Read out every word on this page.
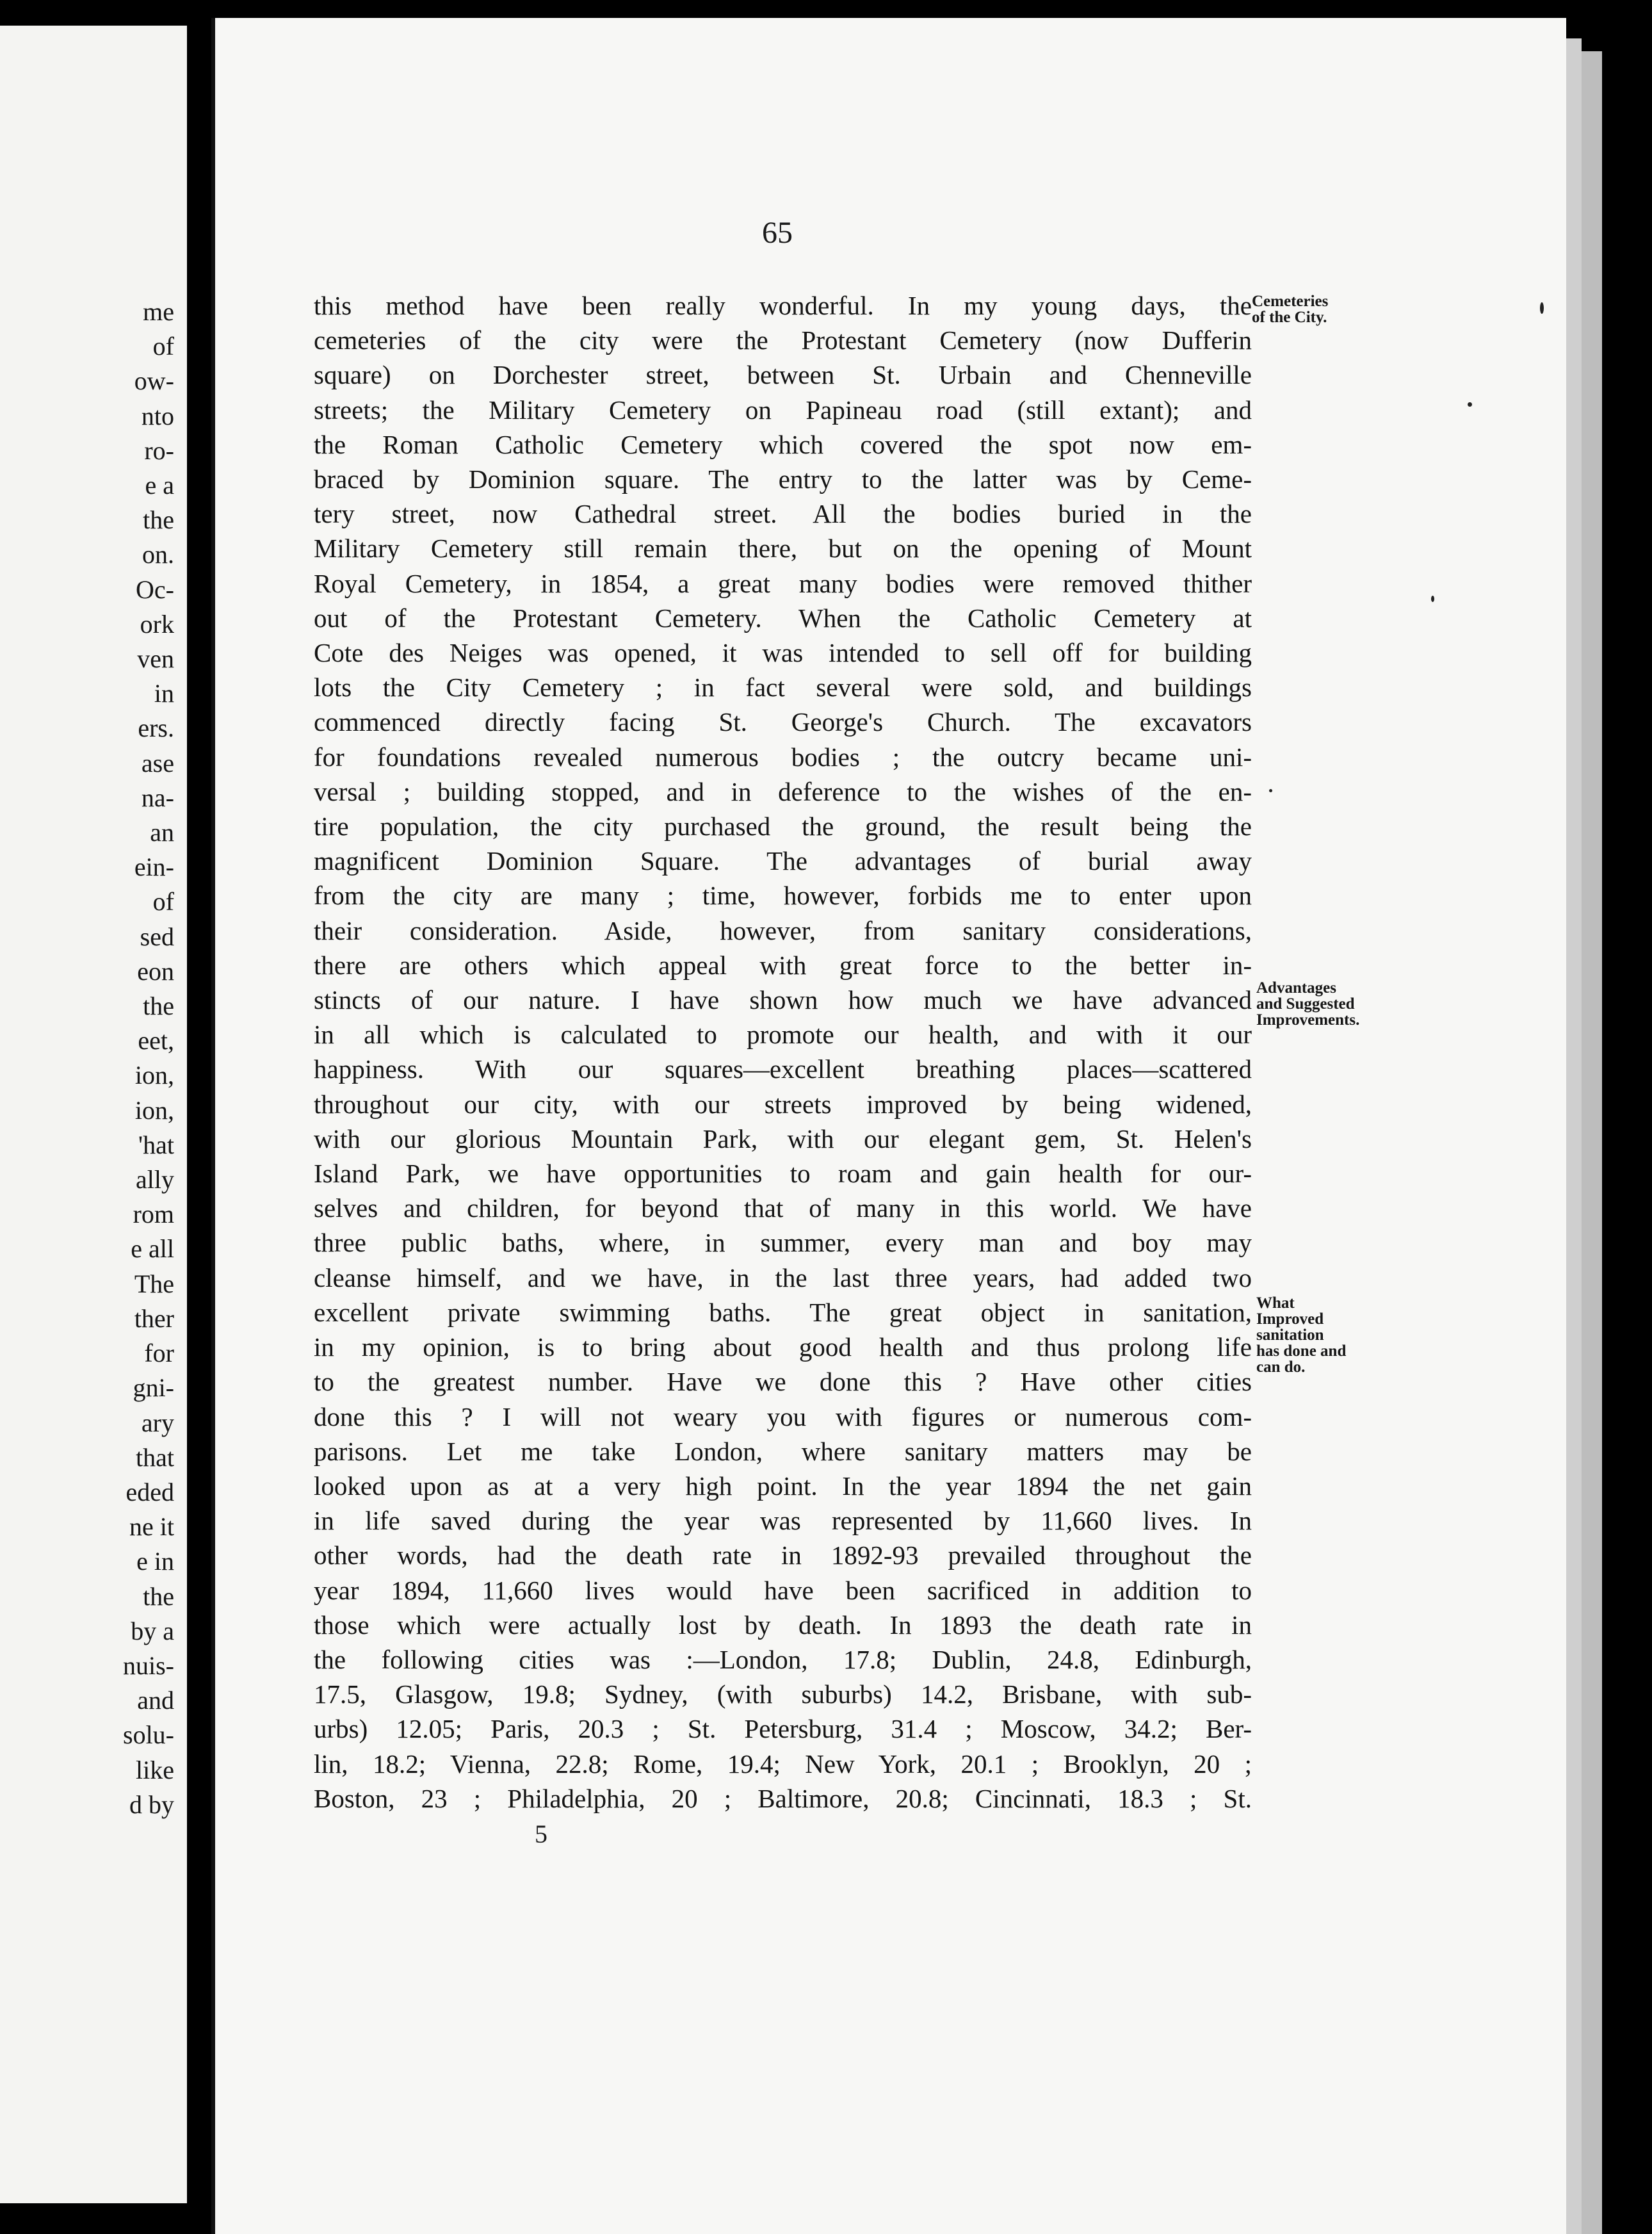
me
of
ow-
nto
ro-
e a
the
on.
Oc-
ork
ven
in
ers.
ase
na-
an
ein-
of
sed
eon
the
eet,
ion,
ion,
'hat
ally
rom
e all
The
ther
for
gni-
ary
that
eded
ne it
e in
the
by a
nuis-
and
solu-
like
d by
65
this method have been really wonderful. In my young days, the
cemeteries of the city were the Protestant Cemetery (now Dufferin
square) on Dorchester street, between St. Urbain and Chenneville
streets; the Military Cemetery on Papineau road (still extant); and
the Roman Catholic Cemetery which covered the spot now em-
braced by Dominion square. The entry to the latter was by Ceme-
tery street, now Cathedral street. All the bodies buried in the
Military Cemetery still remain there, but on the opening of Mount
Royal Cemetery, in 1854, a great many bodies were removed thither
out of the Protestant Cemetery. When the Catholic Cemetery at
Cote des Neiges was opened, it was intended to sell off for building
lots the City Cemetery ; in fact several were sold, and buildings
commenced directly facing St. George's Church. The excavators
for foundations revealed numerous bodies ; the outcry became uni-
versal ; building stopped, and in deference to the wishes of the en-
tire population, the city purchased the ground, the result being the
magnificent Dominion Square. The advantages of burial away
from the city are many ; time, however, forbids me to enter upon
their consideration. Aside, however, from sanitary considerations,
there are others which appeal with great force to the better in-
stincts of our nature. I have shown how much we have advanced
in all which is calculated to promote our health, and with it our
happiness. With our squares—excellent breathing places—scattered
throughout our city, with our streets improved by being widened,
with our glorious Mountain Park, with our elegant gem, St. Helen's
Island Park, we have opportunities to roam and gain health for our-
selves and children, for beyond that of many in this world. We have
three public baths, where, in summer, every man and boy may
cleanse himself, and we have, in the last three years, had added two
excellent private swimming baths. The great object in sanitation,
in my opinion, is to bring about good health and thus prolong life
to the greatest number. Have we done this ? Have other cities
done this ? I will not weary you with figures or numerous com-
parisons. Let me take London, where sanitary matters may be
looked upon as at a very high point. In the year 1894 the net gain
in life saved during the year was represented by 11,660 lives. In
other words, had the death rate in 1892-93 prevailed throughout the
year 1894, 11,660 lives would have been sacrificed in addition to
those which were actually lost by death. In 1893 the death rate in
the following cities was :—London, 17.8; Dublin, 24.8, Edinburgh,
17.5, Glasgow, 19.8; Sydney, (with suburbs) 14.2, Brisbane, with sub-
urbs) 12.05; Paris, 20.3 ; St. Petersburg, 31.4 ; Moscow, 34.2; Ber-
lin, 18.2; Vienna, 22.8; Rome, 19.4; New York, 20.1 ; Brooklyn, 20 ;
Boston, 23 ; Philadelphia, 20 ; Baltimore, 20.8; Cincinnati, 18.3 ; St.
Cemeteries
of the City.
Advantages
and Suggested
Improvements.
What
Improved
sanitation
has done and
can do.
5
